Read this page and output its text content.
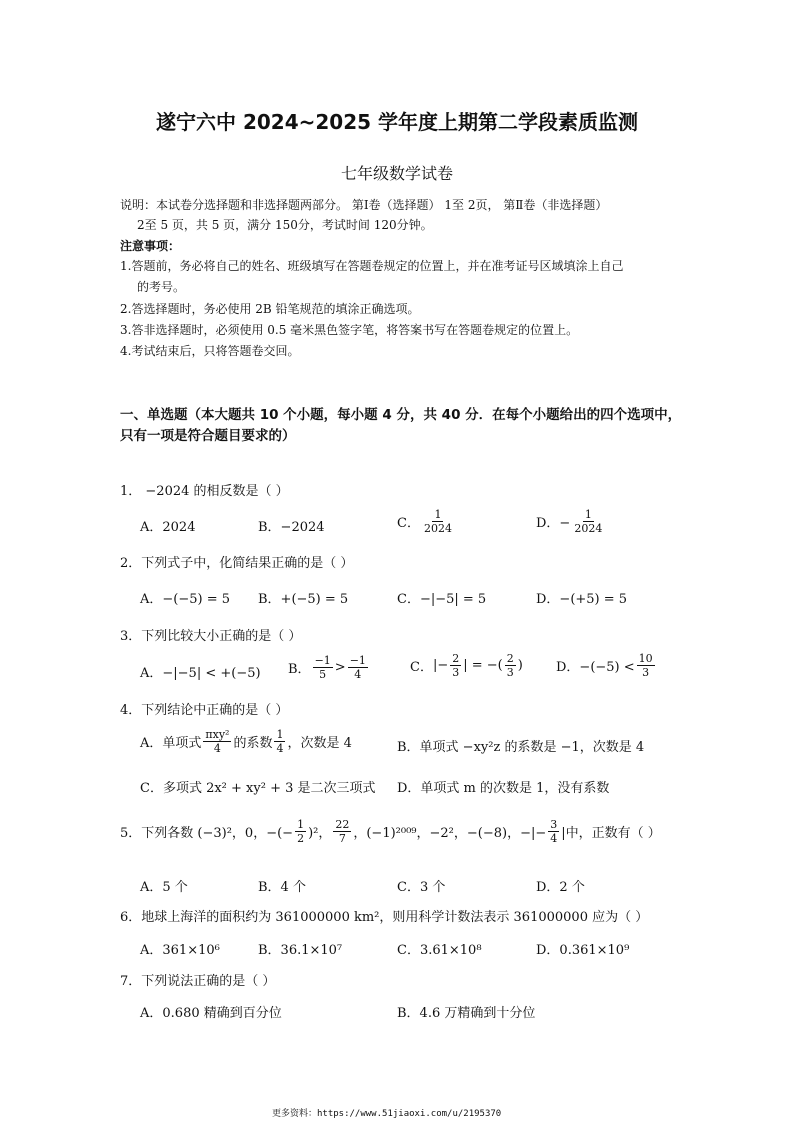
遂宁六中 2024~2025 学年度上期第二学段素质监测
七年级数学试卷
说明：本试卷分选择题和非选择题两部分。 第Ⅰ卷（选择题） 1至 2页， 第Ⅱ卷（非选择题）
2至 5 页，共 5 页，满分 150分，考试时间 120分钟。
注意事项：
1.答题前，务必将自己的姓名、班级填写在答题卷规定的位置上，并在准考证号区域填涂上自己
的考号。
2.答选择题时，务必使用 2B 铅笔规范的填涂正确选项。
3.答非选择题时，必须使用 0.5 毫米黑色签字笔，将答案书写在答题卷规定的位置上。
4.考试结束后，只将答题卷交回。
一、单选题（本大题共 10 个小题，每小题 4 分，共 40 分．在每个小题给出的四个选项中，
只有一项是符合题目要求的）
1． −2024 的相反数是（ ）
A．2024	B．−2024	C． $\frac{1}{2024}$	D．− $\frac{1}{2024}$
2．下列式子中，化简结果正确的是（ ）
A．−(−5) = 5 B．+(−5) = 5	C．−|−5| = 5	D．−(+5) = 5
3．下列比较大小正确的是（ ）
A．−|−5| < +(−5) B． $\frac{-1}{5} > \frac{-1}{4}$	C．|− $\frac{2}{3}$ | = −( $\frac{2}{3}$ )	D．$-(-5) < \frac{10}{3}$
4．下列结论中正确的是（ ）
A．单项式 $\frac{\text{πxy²}}{4}$ 的系数 $\frac{1}{4}$ ，次数是 4	B．单项式 −xy²z 的系数是 −1，次数是 4
C．多项式 2x² + xy² + 3 是二次三项式 D．单项式 m 的次数是 1，没有系数
5．下列各数 (−3)²，0，−(− $\frac{1}{2} )^2$， $\frac{22}{7}$ ，(−1)²⁰⁰⁹，−2²，−(−8)，−|− $\frac{3}{4}$ |中，正数有（ ）
A．5 个	B．4 个	C．3 个	D．2 个
6．地球上海洋的面积约为 361000000 km²，则用科学计数法表示 361000000 应为（ ）
A．361×10⁶	B．36.1×10⁷	C．3.61×10⁸	D．0.361×10⁹
7．下列说法正确的是（ ）
A．0.680 精确到百分位	B．4.6 万精确到十分位
更多资料：https://www.51jiaoxi.com/u/2195370
